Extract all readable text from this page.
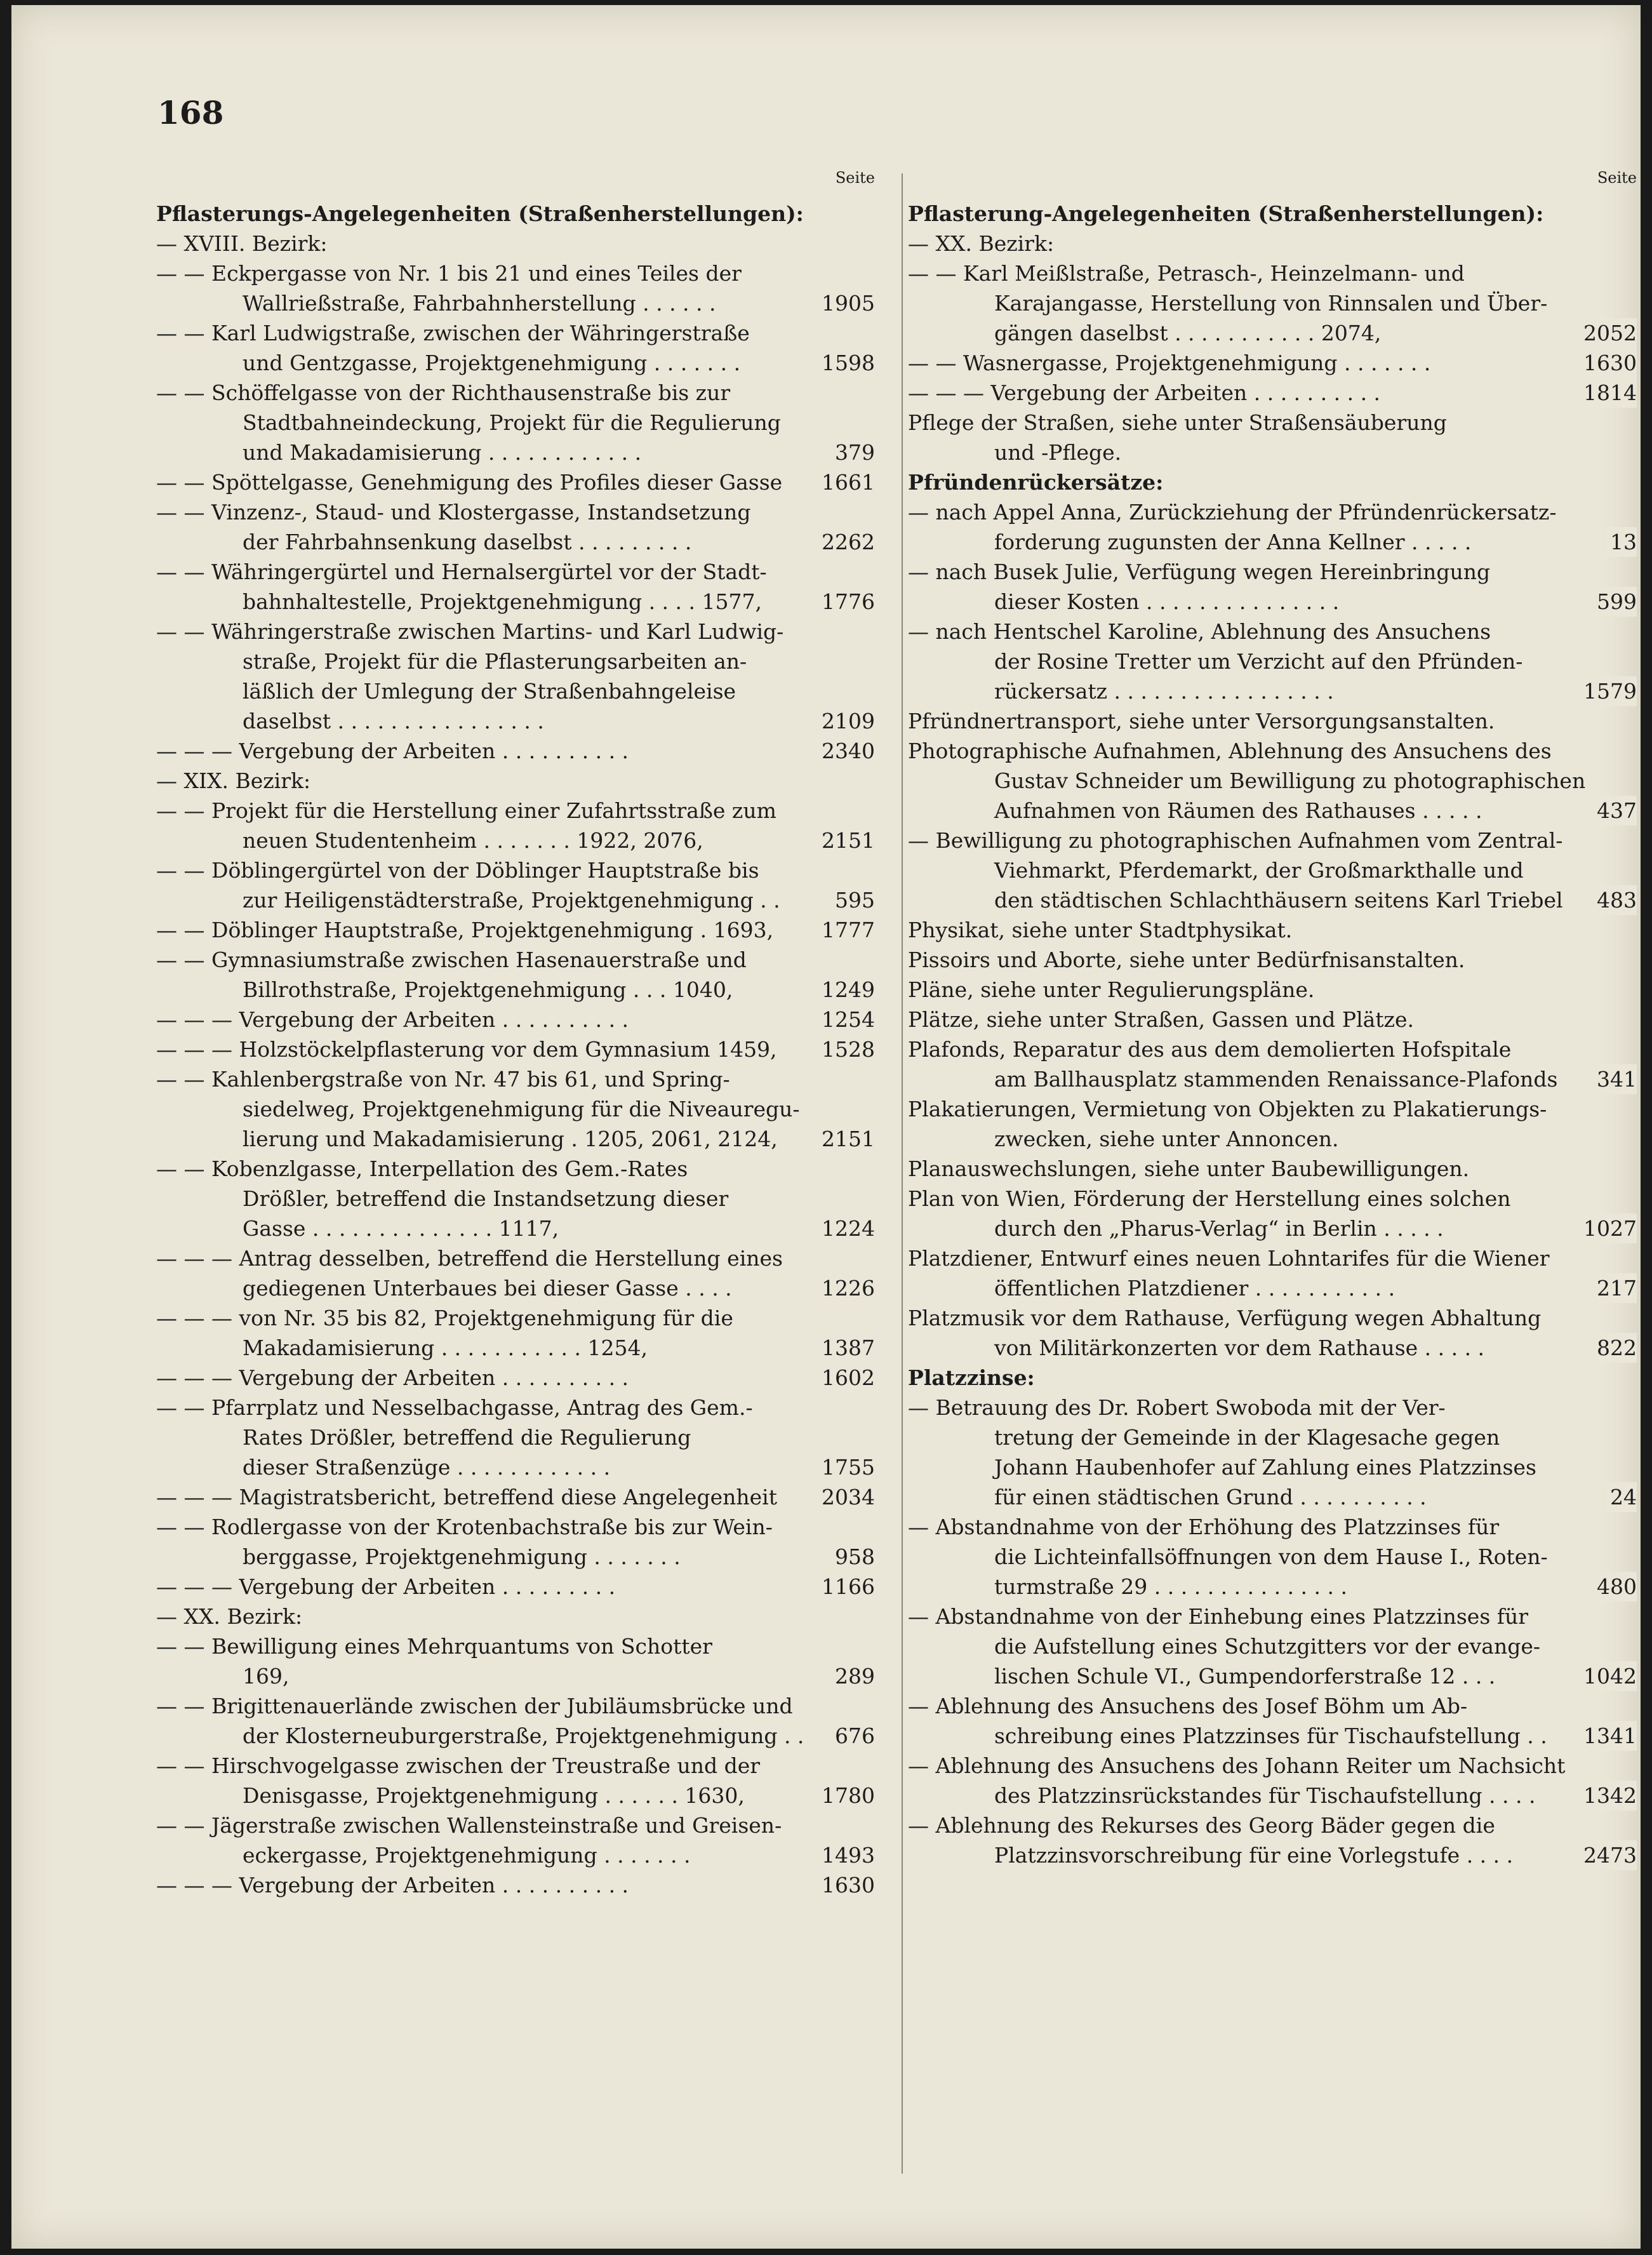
168
Seite
Pflasterungs-Angelegenheiten (Straßenherstellungen):
— XVIII. Bezirk:
— — Eckpergasse von Nr. 1 bis 21 und eines Teiles der
Wallrießstraße, Fahrbahnherstellung . . . . . .	1905
— — Karl Ludwigstraße, zwischen der Währingerstraße
und Gentzgasse, Projektgenehmigung . . . . . . .	1598
— — Schöffelgasse von der Richthausenstraße bis zur
Stadtbahneindeckung, Projekt für die Regulierung
und Makadamisierung . . . . . . . . . . . .	379
— — Spöttelgasse, Genehmigung des Profiles dieser Gasse	1661
— — Vinzenz-, Staud- und Klostergasse, Instandsetzung
der Fahrbahnsenkung daselbst . . . . . . . . .	2262
— — Währingergürtel und Hernalsergürtel vor der Stadt-
bahnhaltestelle, Projektgenehmigung . . . . 1577,	1776
— — Währingerstraße zwischen Martins- und Karl Ludwig-
straße, Projekt für die Pflasterungsarbeiten an-
läßlich der Umlegung der Straßenbahngeleise
daselbst . . . . . . . . . . . . . . . .	2109
— — — Vergebung der Arbeiten . . . . . . . . . .	2340
— XIX. Bezirk:
— — Projekt für die Herstellung einer Zufahrtsstraße zum
neuen Studentenheim . . . . . . . 1922, 2076,	2151
— — Döblingergürtel von der Döblinger Hauptstraße bis
zur Heiligenstädterstraße, Projektgenehmigung . .	595
— — Döblinger Hauptstraße, Projektgenehmigung . 1693,	1777
— — Gymnasiumstraße zwischen Hasenauerstraße und
Billrothstraße, Projektgenehmigung . . . 1040,	1249
— — — Vergebung der Arbeiten . . . . . . . . . .	1254
— — — Holzstöckelpflasterung vor dem Gymnasium 1459,	1528
— — Kahlenbergstraße von Nr. 47 bis 61, und Spring-
siedelweg, Projektgenehmigung für die Niveauregu-
lierung und Makadamisierung . 1205, 2061, 2124,	2151
— — Kobenzlgasse, Interpellation des Gem.-Rates
Drößler, betreffend die Instandsetzung dieser
Gasse . . . . . . . . . . . . . . 1117,	1224
— — — Antrag desselben, betreffend die Herstellung eines
gediegenen Unterbaues bei dieser Gasse . . . .	1226
— — — von Nr. 35 bis 82, Projektgenehmigung für die
Makadamisierung . . . . . . . . . . . 1254,	1387
— — — Vergebung der Arbeiten . . . . . . . . . .	1602
— — Pfarrplatz und Nesselbachgasse, Antrag des Gem.-
Rates Drößler, betreffend die Regulierung
dieser Straßenzüge . . . . . . . . . . . .	1755
— — — Magistratsbericht, betreffend diese Angelegenheit	2034
— — Rodlergasse von der Krotenbachstraße bis zur Wein-
berggasse, Projektgenehmigung . . . . . . .	958
— — — Vergebung der Arbeiten . . . . . . . . .	1166
— XX. Bezirk:
— — Bewilligung eines Mehrquantums von Schotter
169,	289
— — Brigittenauerlände zwischen der Jubiläumsbrücke und
der Klosterneuburgerstraße, Projektgenehmigung . .	676
— — Hirschvogelgasse zwischen der Treustraße und der
Denisgasse, Projektgenehmigung . . . . . . 1630,	1780
— — Jägerstraße zwischen Wallensteinstraße und Greisen-
eckergasse, Projektgenehmigung . . . . . . .	1493
— — — Vergebung der Arbeiten . . . . . . . . . .	1630
Seite
Pflasterung-Angelegenheiten (Straßenherstellungen):
— XX. Bezirk:
— — Karl Meißlstraße, Petrasch-, Heinzelmann- und
Karajangasse, Herstellung von Rinnsalen und Über-
gängen daselbst . . . . . . . . . . . 2074,	2052
— — Wasnergasse, Projektgenehmigung . . . . . . .	1630
— — — Vergebung der Arbeiten . . . . . . . . . .	1814
Pflege der Straßen, siehe unter Straßensäuberung
und -Pflege.
Pfründenrückersätze:
— nach Appel Anna, Zurückziehung der Pfründenrückersatz-
forderung zugunsten der Anna Kellner . . . . .	13
— nach Busek Julie, Verfügung wegen Hereinbringung
dieser Kosten . . . . . . . . . . . . . . .	599
— nach Hentschel Karoline, Ablehnung des Ansuchens
der Rosine Tretter um Verzicht auf den Pfründen-
rückersatz . . . . . . . . . . . . . . . . .	1579
Pfründnertransport, siehe unter Versorgungsanstalten.
Photographische Aufnahmen, Ablehnung des Ansuchens des
Gustav Schneider um Bewilligung zu photographischen
Aufnahmen von Räumen des Rathauses . . . . .	437
— Bewilligung zu photographischen Aufnahmen vom Zentral-
Viehmarkt, Pferdemarkt, der Großmarkthalle und
den städtischen Schlachthäusern seitens Karl Triebel	483
Physikat, siehe unter Stadtphysikat.
Pissoirs und Aborte, siehe unter Bedürfnisanstalten.
Pläne, siehe unter Regulierungspläne.
Plätze, siehe unter Straßen, Gassen und Plätze.
Plafonds, Reparatur des aus dem demolierten Hofspitale
am Ballhausplatz stammenden Renaissance-Plafonds	341
Plakatierungen, Vermietung von Objekten zu Plakatierungs-
zwecken, siehe unter Annoncen.
Planauswechslungen, siehe unter Baubewilligungen.
Plan von Wien, Förderung der Herstellung eines solchen
durch den „Pharus-Verlag“ in Berlin . . . . .	1027
Platzdiener, Entwurf eines neuen Lohntarifes für die Wiener
öffentlichen Platzdiener . . . . . . . . . . .	217
Platzmusik vor dem Rathause, Verfügung wegen Abhaltung
von Militärkonzerten vor dem Rathause . . . . .	822
Platzzinse:
— Betrauung des Dr. Robert Swoboda mit der Ver-
tretung der Gemeinde in der Klagesache gegen
Johann Haubenhofer auf Zahlung eines Platzzinses
für einen städtischen Grund . . . . . . . . . .	24
— Abstandnahme von der Erhöhung des Platzzinses für
die Lichteinfallsöffnungen von dem Hause I., Roten-
turmstraße 29 . . . . . . . . . . . . . . .	480
— Abstandnahme von der Einhebung eines Platzzinses für
die Aufstellung eines Schutzgitters vor der evange-
lischen Schule VI., Gumpendorferstraße 12 . . .	1042
— Ablehnung des Ansuchens des Josef Böhm um Ab-
schreibung eines Platzzinses für Tischaufstellung . .	1341
— Ablehnung des Ansuchens des Johann Reiter um Nachsicht
des Platzzinsrückstandes für Tischaufstellung . . . .	1342
— Ablehnung des Rekurses des Georg Bäder gegen die
Platzzinsvorschreibung für eine Vorlegstufe . . . .	2473
